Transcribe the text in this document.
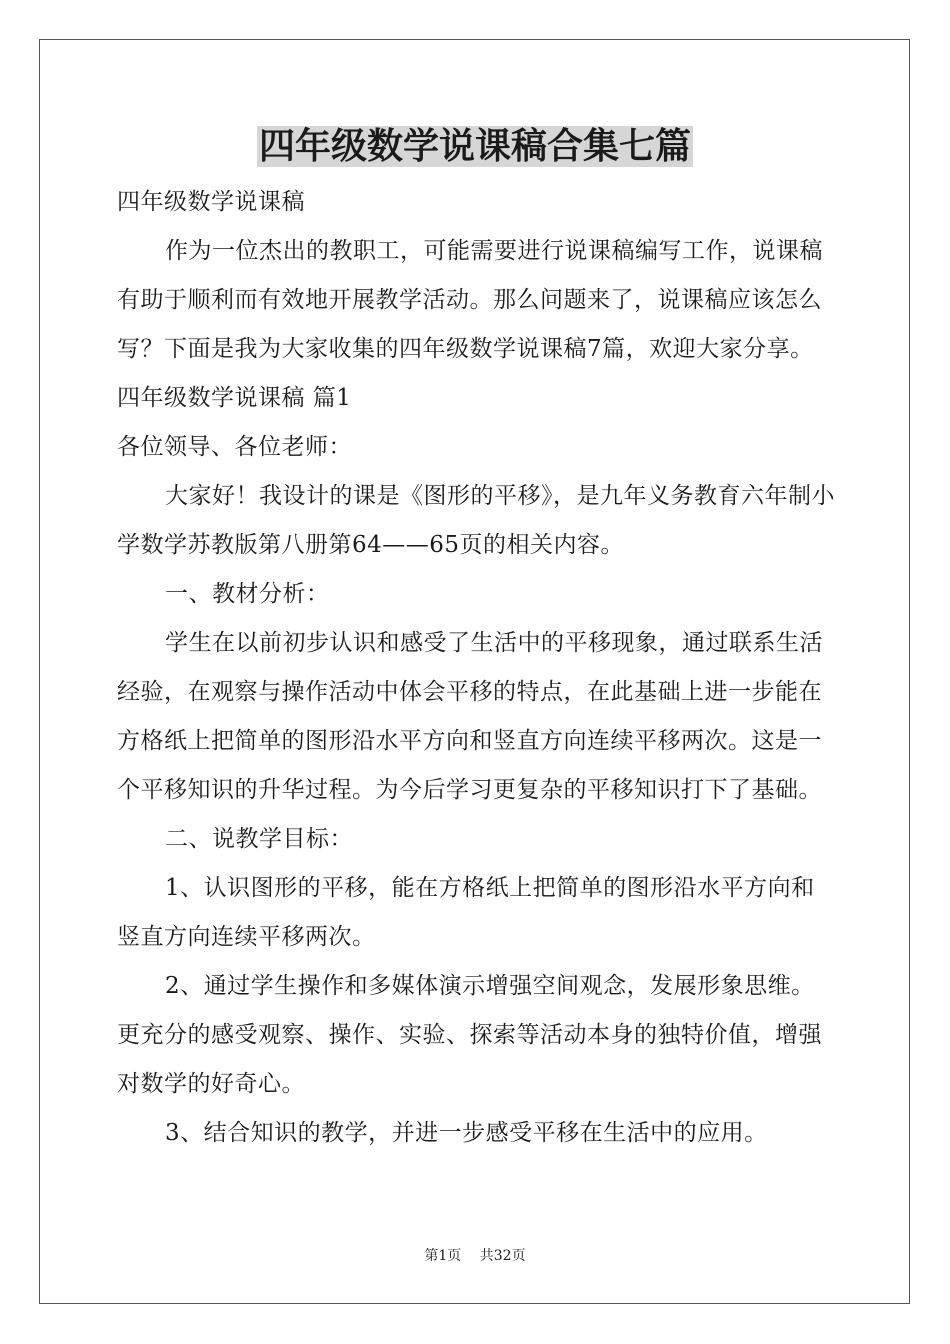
四年级数学说课稿合集七篇

四年级数学说课稿

作为一位杰出的教职工，可能需要进行说课稿编写工作，说课稿有助于顺利而有效地开展教学活动。那么问题来了，说课稿应该怎么写？下面是我为大家收集的四年级数学说课稿7篇，欢迎大家分享。

四年级数学说课稿 篇1

各位领导、各位老师：

大家好！我设计的课是《图形的平移》，是九年义务教育六年制小学数学苏教版第八册第64——65页的相关内容。

一、教材分析：

学生在以前初步认识和感受了生活中的平移现象，通过联系生活经验，在观察与操作活动中体会平移的特点，在此基础上进一步能在方格纸上把简单的图形沿水平方向和竖直方向连续平移两次。这是一个平移知识的升华过程。为今后学习更复杂的平移知识打下了基础。

二、说教学目标：

1、认识图形的平移，能在方格纸上把简单的图形沿水平方向和竖直方向连续平移两次。

2、通过学生操作和多媒体演示增强空间观念，发展形象思维。更充分的感受观察、操作、实验、探索等活动本身的独特价值，增强对数学的好奇心。

3、结合知识的教学，并进一步感受平移在生活中的应用。

第1页 共32页
